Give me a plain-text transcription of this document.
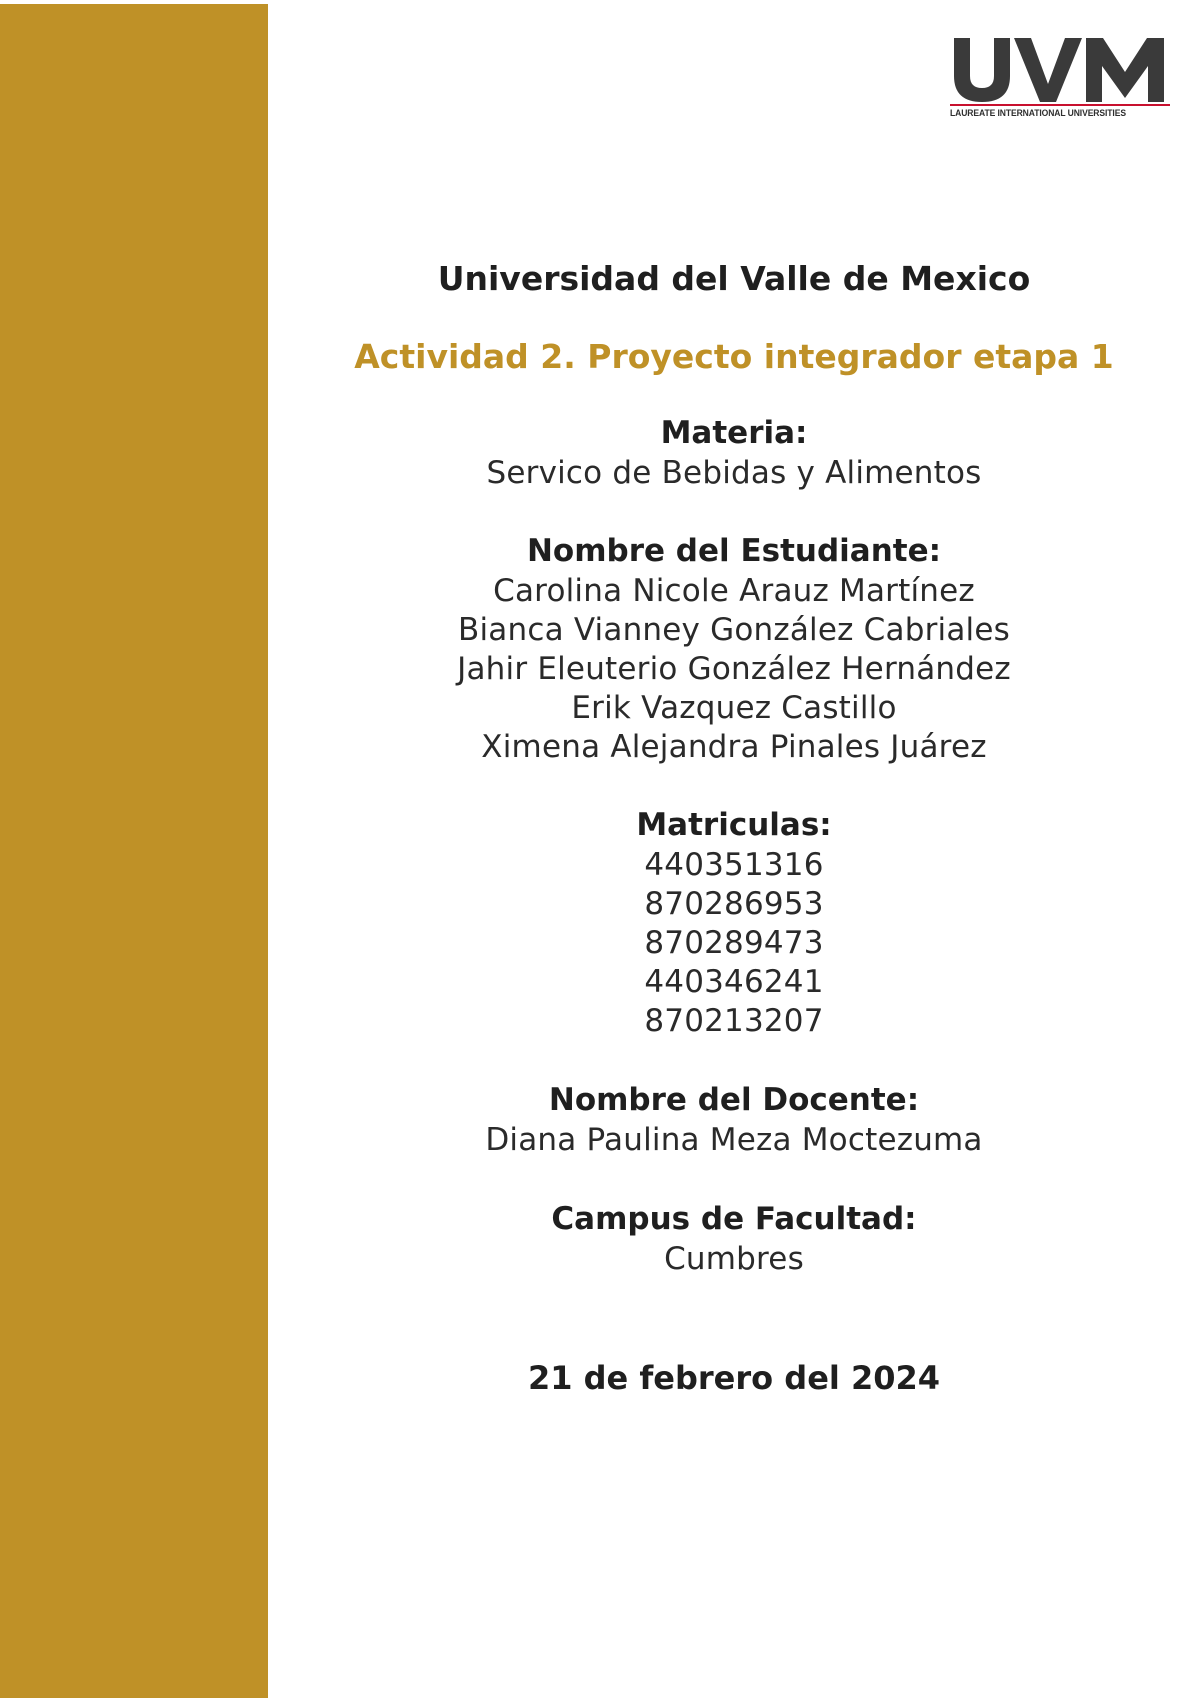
LAUREATE INTERNATIONAL UNIVERSITIES
Universidad del Valle de Mexico
Actividad 2. Proyecto integrador etapa 1
Materia:
Servico de Bebidas y Alimentos
Nombre del Estudiante:
Carolina Nicole Arauz Martínez
Bianca Vianney González Cabriales
Jahir Eleuterio González Hernández
Erik Vazquez Castillo
Ximena Alejandra Pinales Juárez
Matriculas:
440351316
870286953
870289473
440346241
870213207
Nombre del Docente:
Diana Paulina Meza Moctezuma
Campus de Facultad:
Cumbres
21 de febrero del 2024
